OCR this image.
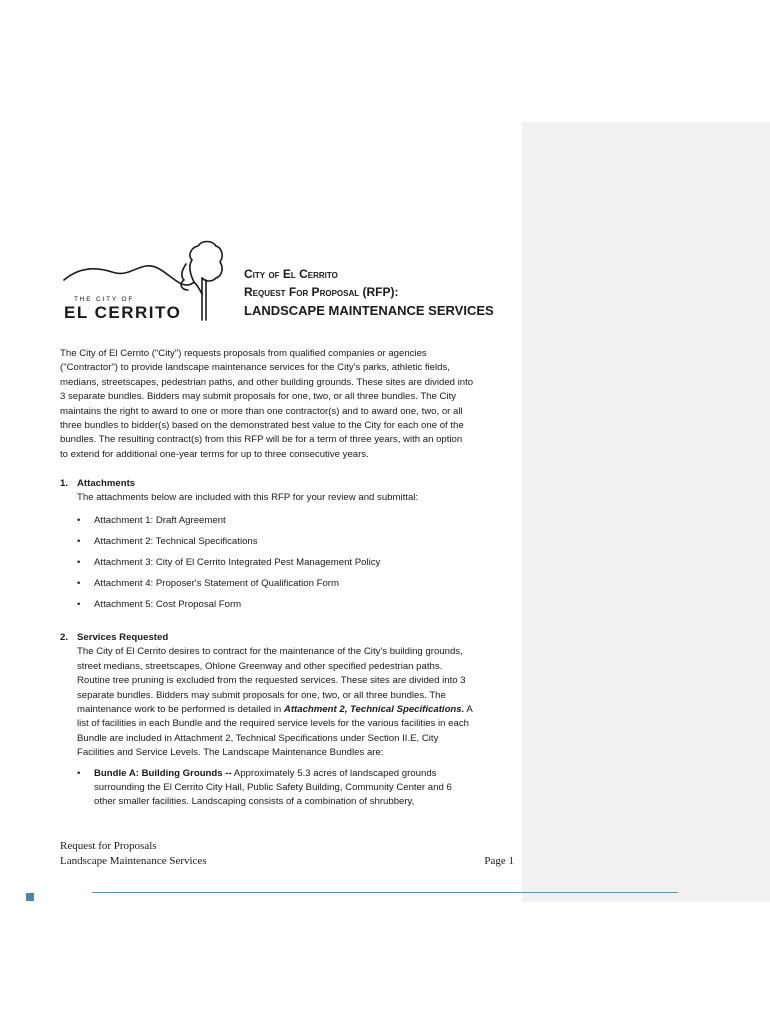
THE CITY OF
EL CERRITO
City of El Cerrito
Request For Proposal (RFP):
LANDSCAPE MAINTENANCE SERVICES

The City of El Cerrito ("City") requests proposals from qualified companies or agencies

("Contractor") to provide landscape maintenance services for the City's parks, athletic fields,

medians, streetscapes, pedestrian paths, and other building grounds. These sites are divided into

3 separate bundles. Bidders may submit proposals for one, two, or all three bundles. The City

maintains the right to award to one or more than one contractor(s) and to award one, two, or all

three bundles to bidder(s) based on the demonstrated best value to the City for each one of the

bundles. The resulting contract(s) from this RFP will be for a term of three years, with an option

to extend for additional one-year terms for up to three consecutive years.

1. Attachments
The attachments below are included with this RFP for your review and submittal:
• Attachment 1: Draft Agreement
• Attachment 2: Technical Specifications
• Attachment 3: City of El Cerrito Integrated Pest Management Policy
• Attachment 4: Proposer's Statement of Qualification Form
• Attachment 5: Cost Proposal Form
2. Services Requested
The City of El Cerrito desires to contract for the maintenance of the City's building grounds,
street medians, streetscapes, Ohlone Greenway and other specified pedestrian paths.
Routine tree pruning is excluded from the requested services. These sites are divided into 3
separate bundles. Bidders may submit proposals for one, two, or all three bundles. The
maintenance work to be performed is detailed in Attachment 2, Technical Specifications. A
list of facilities in each Bundle and the required service levels for the various facilities in each
Bundle are included in Attachment 2, Technical Specifications under Section II.E, City
Facilities and Service Levels. The Landscape Maintenance Bundles are:
• Bundle A: Building Grounds -- Approximately 5.3 acres of landscaped grounds
surrounding the El Cerrito City Hall, Public Safety Building, Community Center and 6
other smaller facilities. Landscaping consists of a combination of shrubbery,
Request for Proposals
Landscape Maintenance Services	Page 1
